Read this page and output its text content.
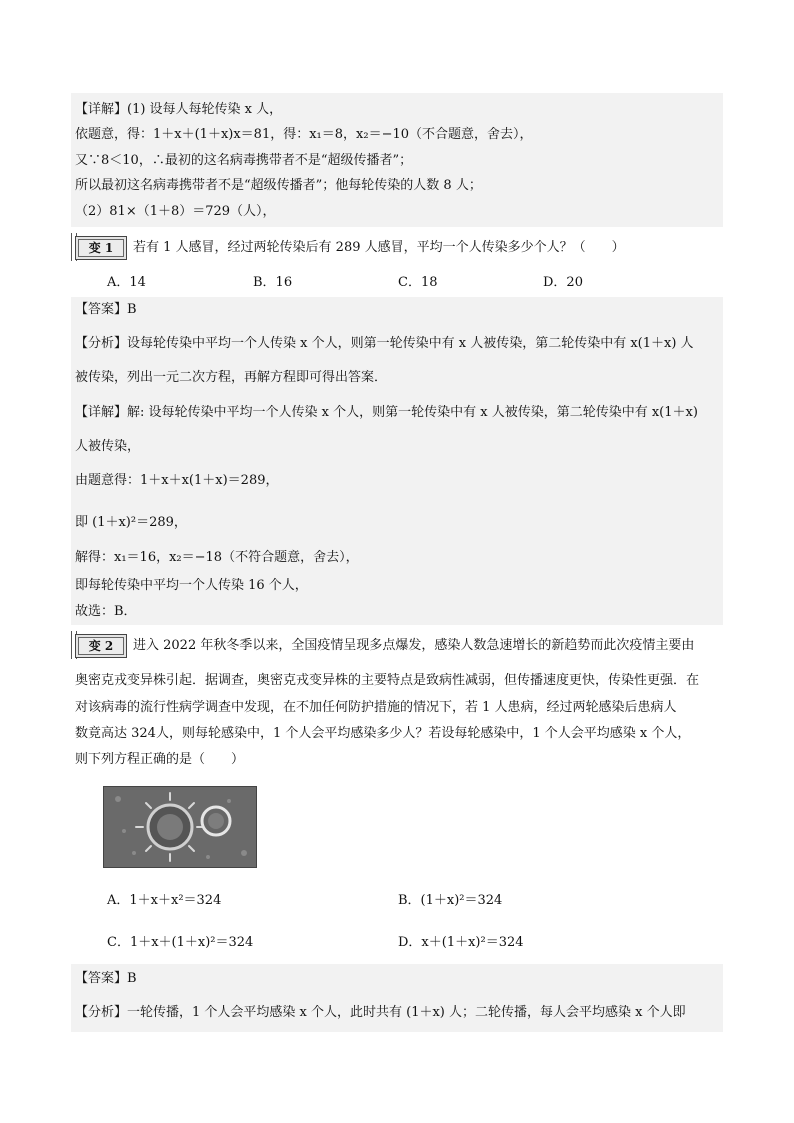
【详解】(1) 设每人每轮传染 x 人，
依题意，得：1＋x＋(1＋x)x＝81，得：x₁＝8，x₂＝−10（不合题意，舍去），
又∵8＜10，∴最初的这名病毒携带者不是“超级传播者”；
所以最初这名病毒携带者不是“超级传播者”；他每轮传染的人数 8 人；
（2）81×（1＋8）＝729（人），
变 1	若有 1 人感冒，经过两轮传染后有 289 人感冒，平均一个人传染多少个人？（　　）
A．14	B．16	C．18	D．20
【答案】B
【分析】设每轮传染中平均一个人传染 x 个人，则第一轮传染中有 x 人被传染，第二轮传染中有 x(1＋x) 人
被传染，列出一元二次方程，再解方程即可得出答案．
【详解】解: 设每轮传染中平均一个人传染 x 个人，则第一轮传染中有 x 人被传染，第二轮传染中有 x(1＋x)
人被传染，
由题意得：1＋x＋x(1＋x)＝289，
即 (1＋x)²＝289，
解得：x₁＝16，x₂＝−18（不符合题意，舍去），
即每轮传染中平均一个人传染 16 个人，
故选：B．
变 2	进入 2022 年秋冬季以来，全国疫情呈现多点爆发，感染人数急速增长的新趋势而此次疫情主要由
奥密克戎变异株引起．据调查，奥密克戎变异株的主要特点是致病性减弱，但传播速度更快，传染性更强．在
对该病毒的流行性病学调查中发现，在不加任何防护措施的情况下，若 1 人患病，经过两轮感染后患病人
数竟高达 324人，则每轮感染中，1 个人会平均感染多少人？若设每轮感染中，1 个人会平均感染 x 个人，
则下列方程正确的是（　　）
A．1＋x＋x²＝324	B．(1＋x)²＝324
C．1＋x＋(1＋x)²＝324	D．x＋(1＋x)²＝324
【答案】B
【分析】一轮传播，1 个人会平均感染 x 个人，此时共有 (1＋x) 人；二轮传播，每人会平均感染 x 个人即
